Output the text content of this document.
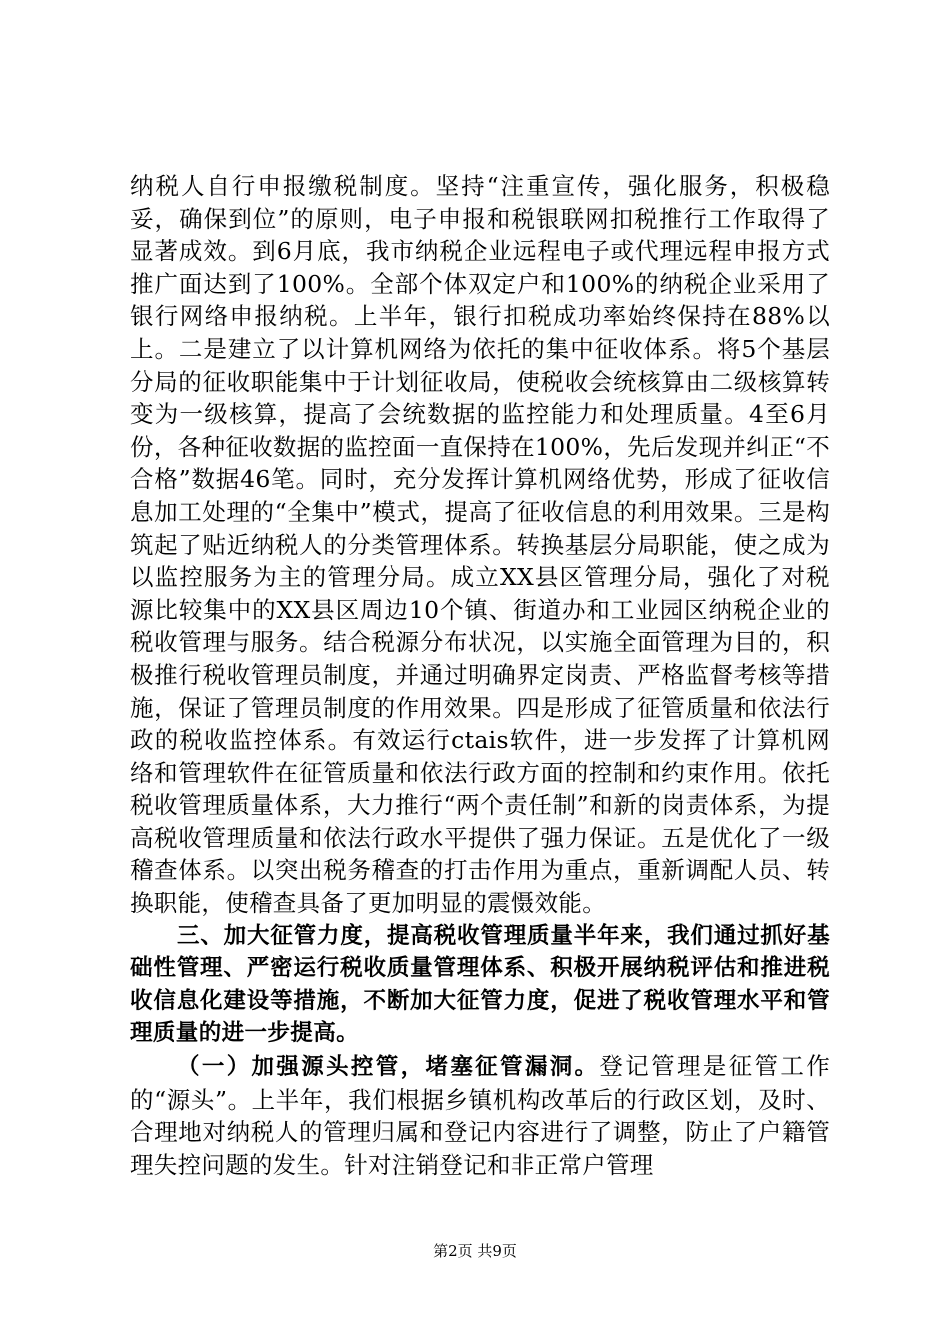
纳税人自行申报缴税制度。坚持“注重宣传，强化服务，积极稳妥，确保到位”的原则，电子申报和税银联网扣税推行工作取得了显著成效。到6月底，我市纳税企业远程电子或代理远程申报方式推广面达到了100%。全部个体双定户和100%的纳税企业采用了银行网络申报纳税。上半年，银行扣税成功率始终保持在88%以上。二是建立了以计算机网络为依托的集中征收体系。将5个基层分局的征收职能集中于计划征收局，使税收会统核算由二级核算转变为一级核算，提高了会统数据的监控能力和处理质量。4至6月份，各种征收数据的监控面一直保持在100%，先后发现并纠正“不合格”数据46笔。同时，充分发挥计算机网络优势，形成了征收信息加工处理的“全集中”模式，提高了征收信息的利用效果。三是构筑起了贴近纳税人的分类管理体系。转换基层分局职能，使之成为以监控服务为主的管理分局。成立XX县区管理分局，强化了对税源比较集中的XX县区周边10个镇、街道办和工业园区纳税企业的税收管理与服务。结合税源分布状况，以实施全面管理为目的，积极推行税收管理员制度，并通过明确界定岗责、严格监督考核等措施，保证了管理员制度的作用效果。四是形成了征管质量和依法行政的税收监控体系。有效运行ctais软件，进一步发挥了计算机网络和管理软件在征管质量和依法行政方面的控制和约束作用。依托税收管理质量体系，大力推行“两个责任制”和新的岗责体系，为提高税收管理质量和依法行政水平提供了强力保证。五是优化了一级稽查体系。以突出税务稽查的打击作用为重点，重新调配人员、转换职能，使稽查具备了更加明显的震慑效能。

三、加大征管力度，提高税收管理质量半年来，我们通过抓好基础性管理、严密运行税收质量管理体系、积极开展纳税评估和推进税收信息化建设等措施，不断加大征管力度，促进了税收管理水平和管理质量的进一步提高。

（一）加强源头控管，堵塞征管漏洞。登记管理是征管工作的“源头”。上半年，我们根据乡镇机构改革后的行政区划，及时、合理地对纳税人的管理归属和登记内容进行了调整，防止了户籍管理失控问题的发生。针对注销登记和非正常户管理

第2页 共9页
